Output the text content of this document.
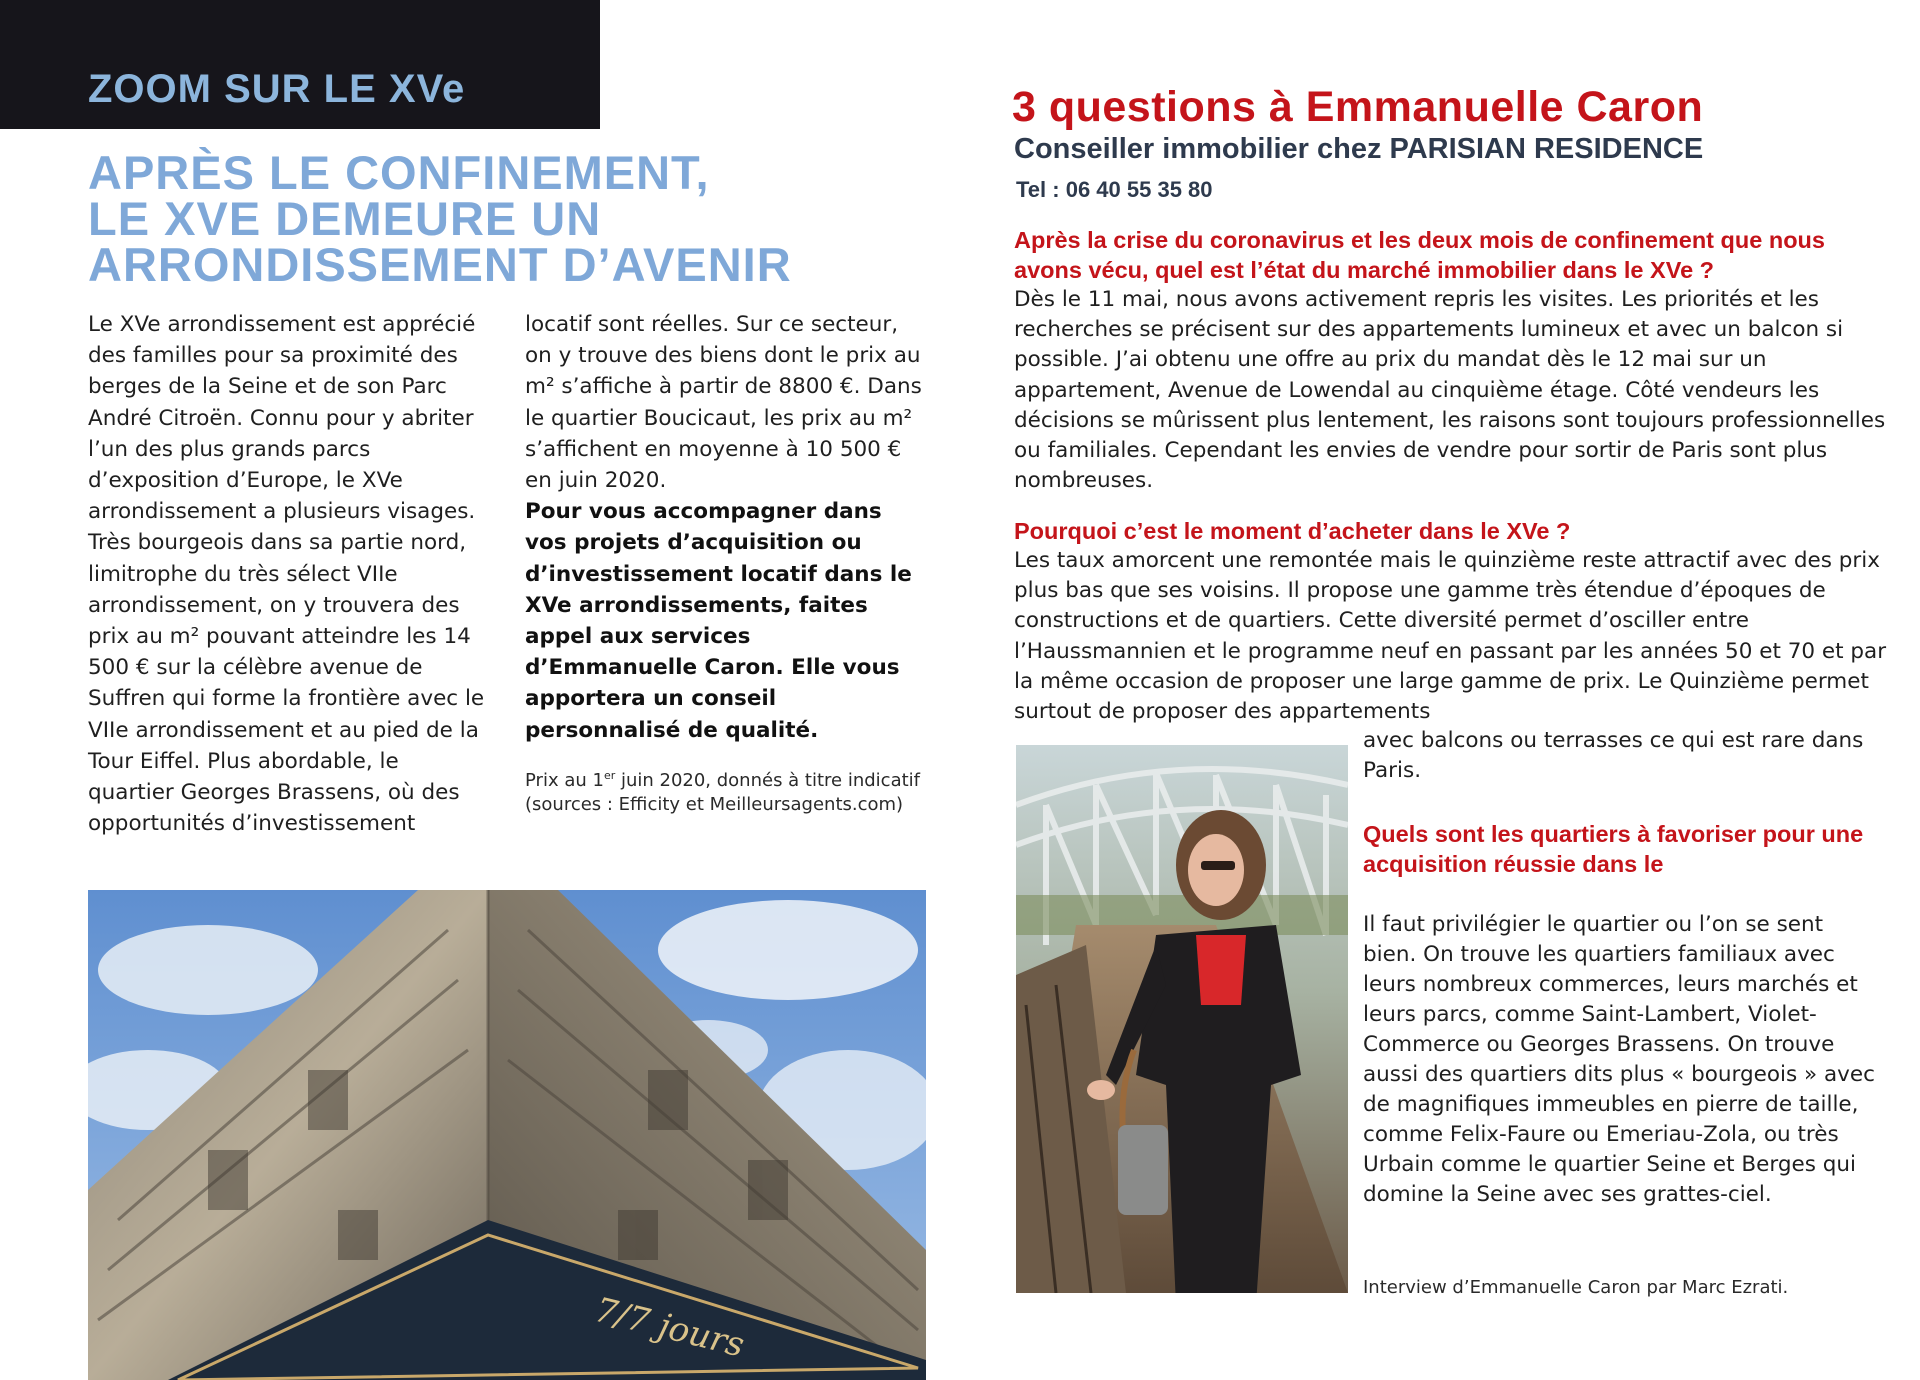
ZOOM SUR LE XVe
APRÈS LE CONFINEMENT,
LE XVE DEMEURE UN
ARRONDISSEMENT D’AVENIR

Le XVe arrondissement est apprécié des familles pour sa proximité des berges de la Seine et de son Parc André Citroën. Connu pour y abriter l’un des plus grands parcs d’exposition d’Europe, le XVe arrondissement a plusieurs visages. Très bourgeois dans sa partie nord, limitrophe du très sélect VIIe arrondissement, on y trouvera des prix au m² pouvant atteindre les 14 500 € sur la célèbre avenue de Suffren qui forme la frontière avec le VIIe arrondissement et au pied de la Tour Eiffel. Plus abordable, le quartier Georges Brassens, où des opportunités d’investissement

locatif sont réelles. Sur ce secteur, on y trouve des biens dont le prix au m² s’affiche à partir de 8800 €. Dans le quartier Boucicaut, les prix au m² s’affichent en moyenne à 10 500 € en juin 2020.

Pour vous accompagner dans vos projets d’acquisition ou d’investissement locatif dans le XVe arrondissements, faites appel aux services d’Emmanuelle Caron. Elle vous apportera un conseil personnalisé de qualité.

Prix au 1er juin 2020, donnés à titre indicatif (sources : Efficity et Meilleursagents.com)

7/7 jours
3 questions à Emmanuelle Caron
Conseiller immobilier chez PARISIAN RESIDENCE
Tel : 06 40 55 35 80
Après la crise du coronavirus et les deux mois de confinement que nous avons vécu, quel est l’état du marché immobilier dans le XVe ?
Dès le 11 mai, nous avons activement repris les visites. Les priorités et les recherches se précisent sur des appartements lumineux et avec un balcon si possible. J’ai obtenu une offre au prix du mandat dès le 12 mai sur un appartement, Avenue de Lowendal au cinquième étage. Côté vendeurs les décisions se mûrissent plus lentement, les raisons sont toujours professionnelles ou familiales. Cependant les envies de vendre pour sortir de Paris sont plus nombreuses.
Pourquoi c’est le moment d’acheter dans le XVe ?
Les taux amorcent une remontée mais le quinzième reste attractif avec des prix plus bas que ses voisins. Il propose une gamme très étendue d’époques de constructions et de quartiers. Cette diversité permet d’osciller entre l’Haussmannien et le programme neuf en passant par les années 50 et 70 et par la même occasion de proposer une large gamme de prix. Le Quinzième permet surtout de proposer des appartements
avec balcons ou terrasses ce qui est rare dans Paris.
Quels sont les quartiers à favoriser pour une acquisition réussie dans le
Il faut privilégier le quartier ou l’on se sent bien. On trouve les quartiers familiaux avec leurs nombreux commerces, leurs marchés et leurs parcs, comme Saint-Lambert, Violet-Commerce ou Georges Brassens. On trouve aussi des quartiers dits plus « bourgeois » avec de magnifiques immeubles en pierre de taille, comme Felix-Faure ou Emeriau-Zola, ou très Urbain comme le quartier Seine et Berges qui domine la Seine avec ses grattes-ciel.
Interview d’Emmanuelle Caron par Marc Ezrati.
